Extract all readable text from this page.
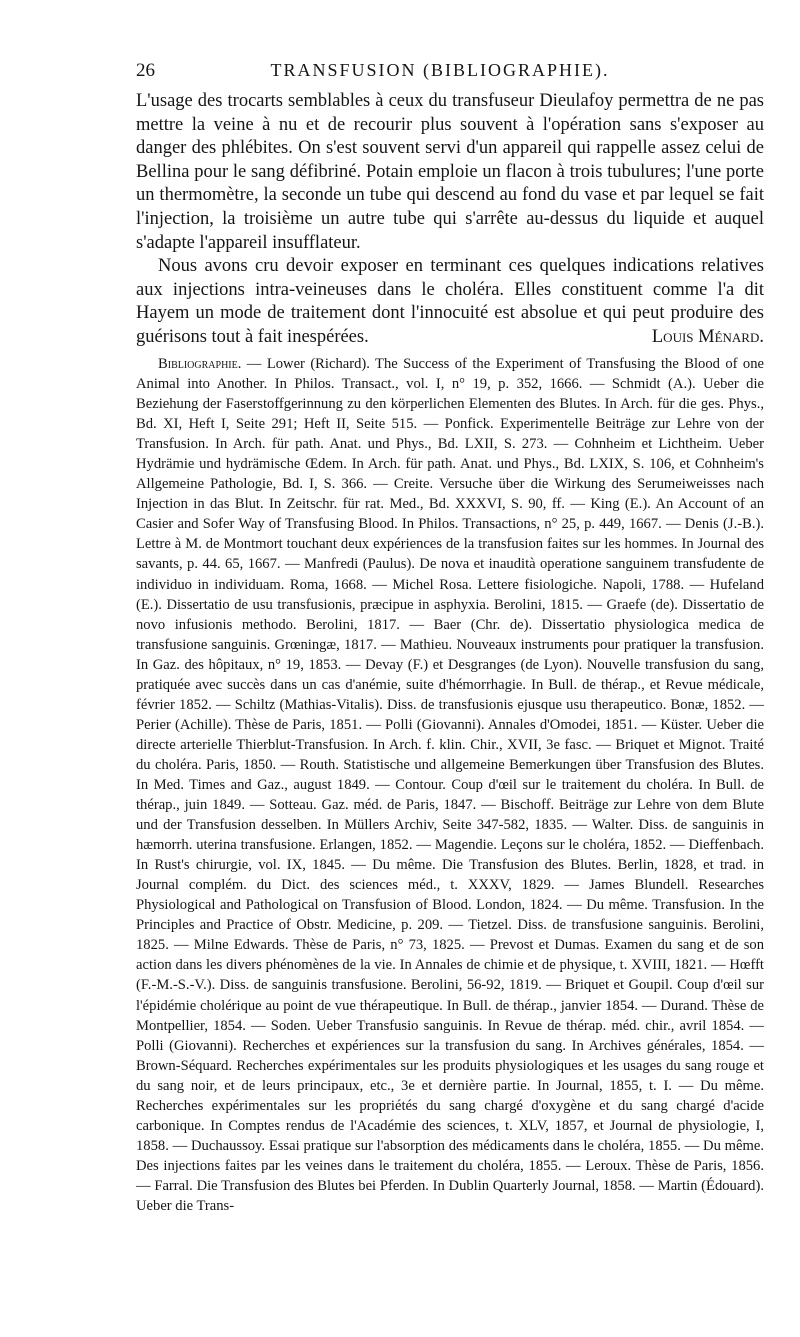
26	TRANSFUSION (BIBLIOGRAPHIE).

L'usage des trocarts semblables à ceux du transfuseur Dieulafoy permettra de ne pas mettre la veine à nu et de recourir plus souvent à l'opération sans s'exposer au danger des phlébites. On s'est souvent servi d'un appareil qui rappelle assez celui de Bellina pour le sang défibriné. Potain emploie un flacon à trois tubulures; l'une porte un thermomètre, la seconde un tube qui descend au fond du vase et par lequel se fait l'injection, la troisième un autre tube qui s'arrête au-dessus du liquide et auquel s'adapte l'appareil insufflateur.

Nous avons cru devoir exposer en terminant ces quelques indications relatives aux injections intra-veineuses dans le choléra. Elles constituent comme l'a dit Hayem un mode de traitement dont l'innocuité est absolue et qui peut produire des guérisons tout à fait inespérées.	Louis Ménard.

Bibliographie. — Lower (Richard). The Success of the Experiment of Transfusing the Blood of one Animal into Another. In Philos. Transact., vol. I, n° 19, p. 352, 1666. — Schmidt (A.). Ueber die Beziehung der Faserstoffgerinnung zu den körperlichen Elementen des Blutes. In Arch. für die ges. Phys., Bd. XI, Heft I, Seite 291; Heft II, Seite 515. — Ponfick. Experimentelle Beiträge zur Lehre von der Transfusion. In Arch. für path. Anat. und Phys., Bd. LXII, S. 273. — Cohnheim et Lichtheim. Ueber Hydrämie und hydrämische Œdem. In Arch. für path. Anat. und Phys., Bd. LXIX, S. 106, et Cohnheim's Allgemeine Pathologie, Bd. I, S. 366. — Creite. Versuche über die Wirkung des Serumeiweisses nach Injection in das Blut. In Zeitschr. für rat. Med., Bd. XXXVI, S. 90, ff. — King (E.). An Account of an Casier and Sofer Way of Transfusing Blood. In Philos. Transactions, n° 25, p. 449, 1667. — Denis (J.-B.). Lettre à M. de Montmort touchant deux expériences de la transfusion faites sur les hommes. In Journal des savants, p. 44. 65, 1667. — Manfredi (Paulus). De nova et inaudità operatione sanguinem transfudente de individuo in individuam. Roma, 1668. — Michel Rosa. Lettere fisiologiche. Napoli, 1788. — Hufeland (E.). Dissertatio de usu transfusionis, præcipue in asphyxia. Berolini, 1815. — Graefe (de). Dissertatio de novo infusionis methodo. Berolini, 1817. — Baer (Chr. de). Dissertatio physiologica medica de transfusione sanguinis. Grœningæ, 1817. — Mathieu. Nouveaux instruments pour pratiquer la transfusion. In Gaz. des hôpitaux, n° 19, 1853. — Devay (F.) et Desgranges (de Lyon). Nouvelle transfusion du sang, pratiquée avec succès dans un cas d'anémie, suite d'hémorrhagie. In Bull. de thérap., et Revue médicale, février 1852. — Schiltz (Mathias-Vitalis). Diss. de transfusionis ejusque usu therapeutico. Bonæ, 1852. — Perier (Achille). Thèse de Paris, 1851. — Polli (Giovanni). Annales d'Omodei, 1851. — Küster. Ueber die directe arterielle Thierblut-Transfusion. In Arch. f. klin. Chir., XVII, 3e fasc. — Briquet et Mignot. Traité du choléra. Paris, 1850. — Routh. Statistische und allgemeine Bemerkungen über Transfusion des Blutes. In Med. Times and Gaz., august 1849. — Contour. Coup d'œil sur le traitement du choléra. In Bull. de thérap., juin 1849. — Sotteau. Gaz. méd. de Paris, 1847. — Bischoff. Beiträge zur Lehre von dem Blute und der Transfusion desselben. In Müllers Archiv, Seite 347-582, 1835. — Walter. Diss. de sanguinis in hæmorrh. uterina transfusione. Erlangen, 1852. — Magendie. Leçons sur le choléra, 1852. — Dieffenbach. In Rust's chirurgie, vol. IX, 1845. — Du même. Die Transfusion des Blutes. Berlin, 1828, et trad. in Journal complém. du Dict. des sciences méd., t. XXXV, 1829. — James Blundell. Researches Physiological and Pathological on Transfusion of Blood. London, 1824. — Du même. Transfusion. In the Principles and Practice of Obstr. Medicine, p. 209. — Tietzel. Diss. de transfusione sanguinis. Berolini, 1825. — Milne Edwards. Thèse de Paris, n° 73, 1825. — Prevost et Dumas. Examen du sang et de son action dans les divers phénomènes de la vie. In Annales de chimie et de physique, t. XVIII, 1821. — Hœfft (F.-M.-S.-V.). Diss. de sanguinis transfusione. Berolini, 56-92, 1819. — Briquet et Goupil. Coup d'œil sur l'épidémie cholérique au point de vue thérapeutique. In Bull. de thérap., janvier 1854. — Durand. Thèse de Montpellier, 1854. — Soden. Ueber Transfusio sanguinis. In Revue de thérap. méd. chir., avril 1854. — Polli (Giovanni). Recherches et expériences sur la transfusion du sang. In Archives générales, 1854. — Brown-Séquard. Recherches expérimentales sur les produits physiologiques et les usages du sang rouge et du sang noir, et de leurs principaux, etc., 3e et dernière partie. In Journal, 1855, t. I. — Du même. Recherches expérimentales sur les propriétés du sang chargé d'oxygène et du sang chargé d'acide carbonique. In Comptes rendus de l'Académie des sciences, t. XLV, 1857, et Journal de physiologie, I, 1858. — Duchaussoy. Essai pratique sur l'absorption des médicaments dans le choléra, 1855. — Du même. Des injections faites par les veines dans le traitement du choléra, 1855. — Leroux. Thèse de Paris, 1856. — Farral. Die Transfusion des Blutes bei Pferden. In Dublin Quarterly Journal, 1858. — Martin (Édouard). Ueber die Trans-
